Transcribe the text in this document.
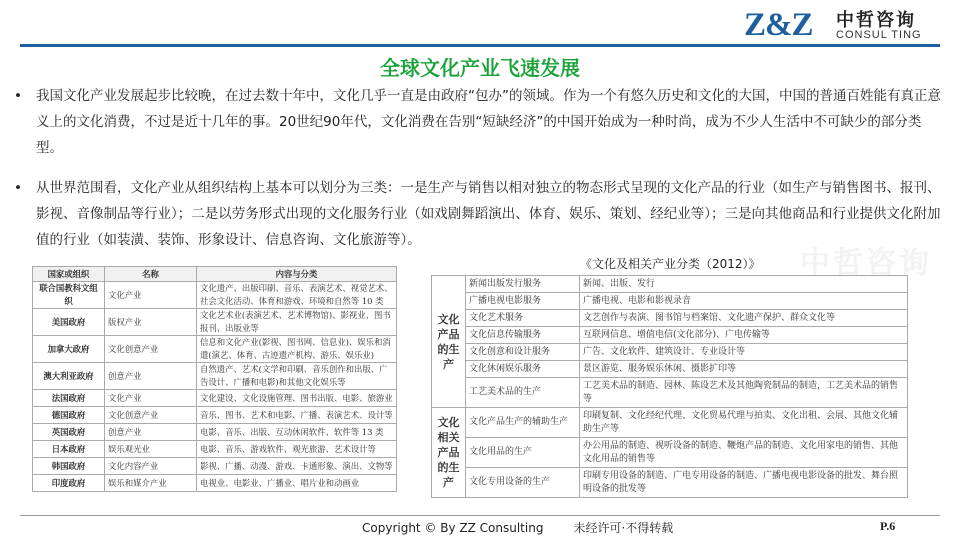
Z&Z 中哲咨询
CONSUL TING
全球文化产业飞速发展
• 我国文化产业发展起步比较晚，在过去数十年中，文化几乎一直是由政府“包办”的领域。作为一个有悠久历史和文化的大国，中国的普通百姓能有真正意义上的文化消费，不过是近十几年的事。20世纪90年代，文化消费在告别“短缺经济”的中国开始成为一种时尚，成为不少人生活中不可缺少的部分类型。
• 从世界范围看，文化产业从组织结构上基本可以划分为三类：一是生产与销售以相对独立的物态形式呈现的文化产品的行业（如生产与销售图书、报刊、影视、音像制品等行业）；二是以劳务形式出现的文化服务行业（如戏剧舞蹈演出、体育、娱乐、策划、经纪业等）；三是向其他商品和行业提供文化附加值的行业（如装潢、装饰、形象设计、信息咨询、文化旅游等）。
中哲咨询
《文化及相关产业分类（2012）》
国家或组织	名称	内容与分类
联合国教科文组织	文化产业	文化遗产、出版印刷、音乐、表演艺术、视觉艺术、社会文化活动、体育和游戏、环境和自然等 10 类
美国政府	版权产业	文化艺术业(表演艺术、艺术博物馆)、影视业、图书报刊、出版业等
加拿大政府	文化创意产业	信息和文化产业(影视、图书网、信息业)、娱乐和消遣(演艺、体育、古迹遗产机构、游乐、娱乐业)
澳大利亚政府	创意产业	自然遗产、艺术(文学和印刷、音乐创作和出版、广告设计、广播和电影)和其他文化娱乐等
法国政府	文化产业	文化建设、文化设施管理、图书出版、电影、旅游业
德国政府	文化创意产业	音乐、图书、艺术和电影、广播、表演艺术、设计等
英国政府	创意产业	电影、音乐、出版、互动休闲软件、软件等 13 类
日本政府	娱乐观光业	电影、音乐、游戏软件、观光旅游、艺术设计等
韩国政府	文化内容产业	影视、广播、动漫、游戏、卡通形象、演出、文物等
印度政府	娱乐和媒介产业	电视业、电影业、广播业、唱片业和动画业
文化产品的生产	新闻出版发行服务	新闻、出版、发行
	广播电视电影服务	广播电视、电影和影视录音
	文化艺术服务	文艺创作与表演、图书馆与档案馆、文化遗产保护、群众文化等
	文化信息传输服务	互联网信息、增值电信(文化部分)、广电传输等
	文化创意和设计服务	广告、文化软件、建筑设计、专业设计等
	文化休闲娱乐服务	景区游览、服务娱乐休闲、摄影扩印等
	工艺美术品的生产	工艺美术品的制造、园林、陈设艺术及其他陶瓷制品的制造，工艺美术品的销售等
文化相关产品的生产	文化产品生产的辅助生产	印刷复制、文化经纪代理、文化贸易代理与拍卖、文化出租、会展、其他文化辅助生产等
	文化用品的生产	办公用品的制造、视听设备的制造、鞭炮产品的制造、文化用家电的销售、其他文化用品的销售等
	文化专用设备的生产	印刷专用设备的制造、广电专用设备的制造、广播电视电影设备的批发、舞台照明设备的批发等
Copyright © By ZZ Consulting	未经许可·不得转载	P.6
